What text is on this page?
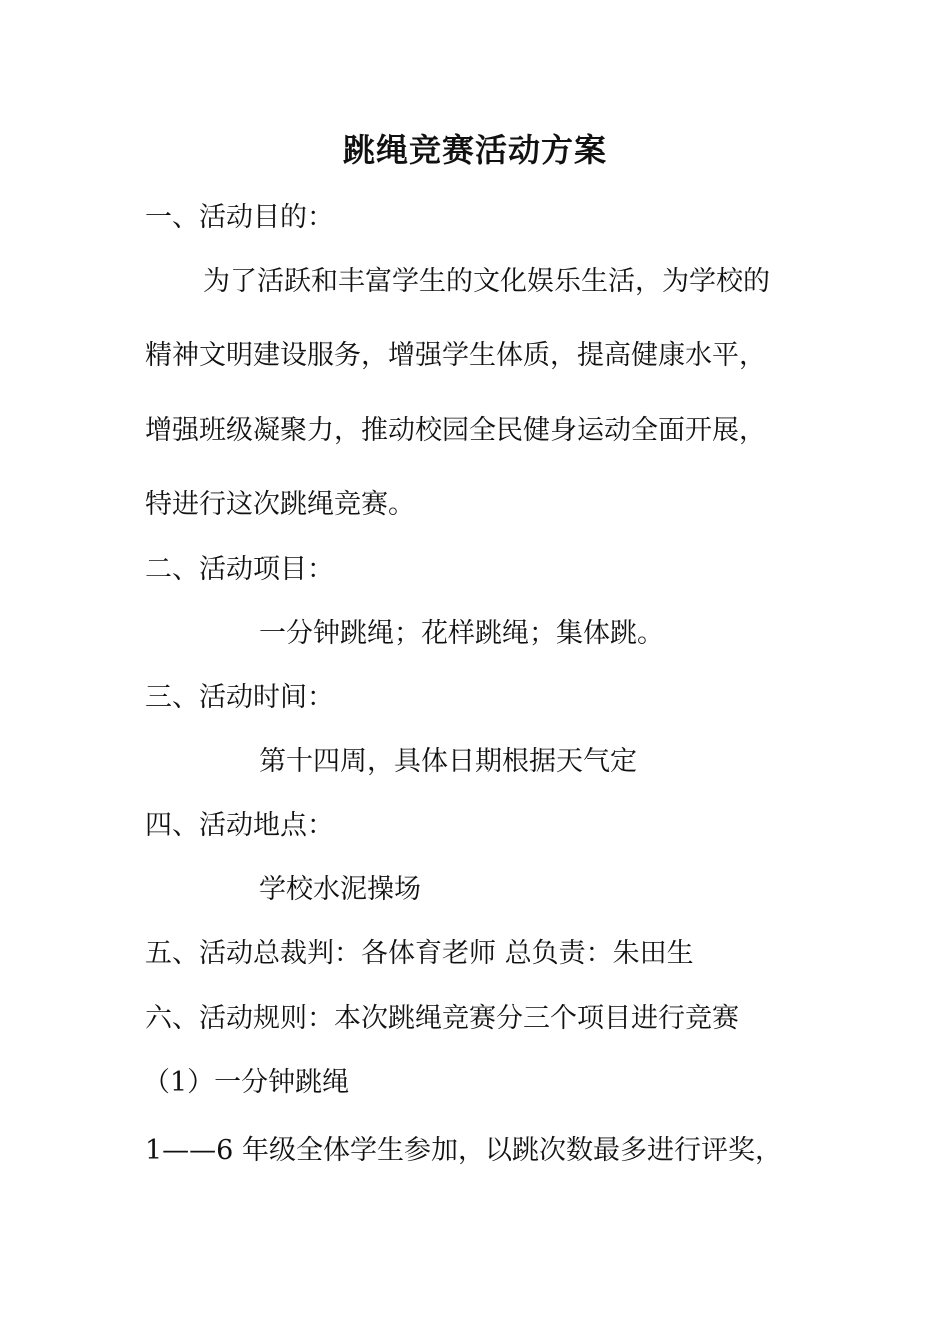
跳绳竞赛活动方案
一、活动目的：
为了活跃和丰富学生的文化娱乐生活，为学校的
精神文明建设服务，增强学生体质，提高健康水平，
增强班级凝聚力，推动校园全民健身运动全面开展，
特进行这次跳绳竞赛。
二、活动项目：
一分钟跳绳；花样跳绳；集体跳。
三、活动时间：
第十四周，具体日期根据天气定
四、活动地点：
学校水泥操场
五、活动总裁判：各体育老师 总负责：朱田生
六、活动规则：本次跳绳竞赛分三个项目进行竞赛
（1）一分钟跳绳
1——6 年级全体学生参加，以跳次数最多进行评奖，
